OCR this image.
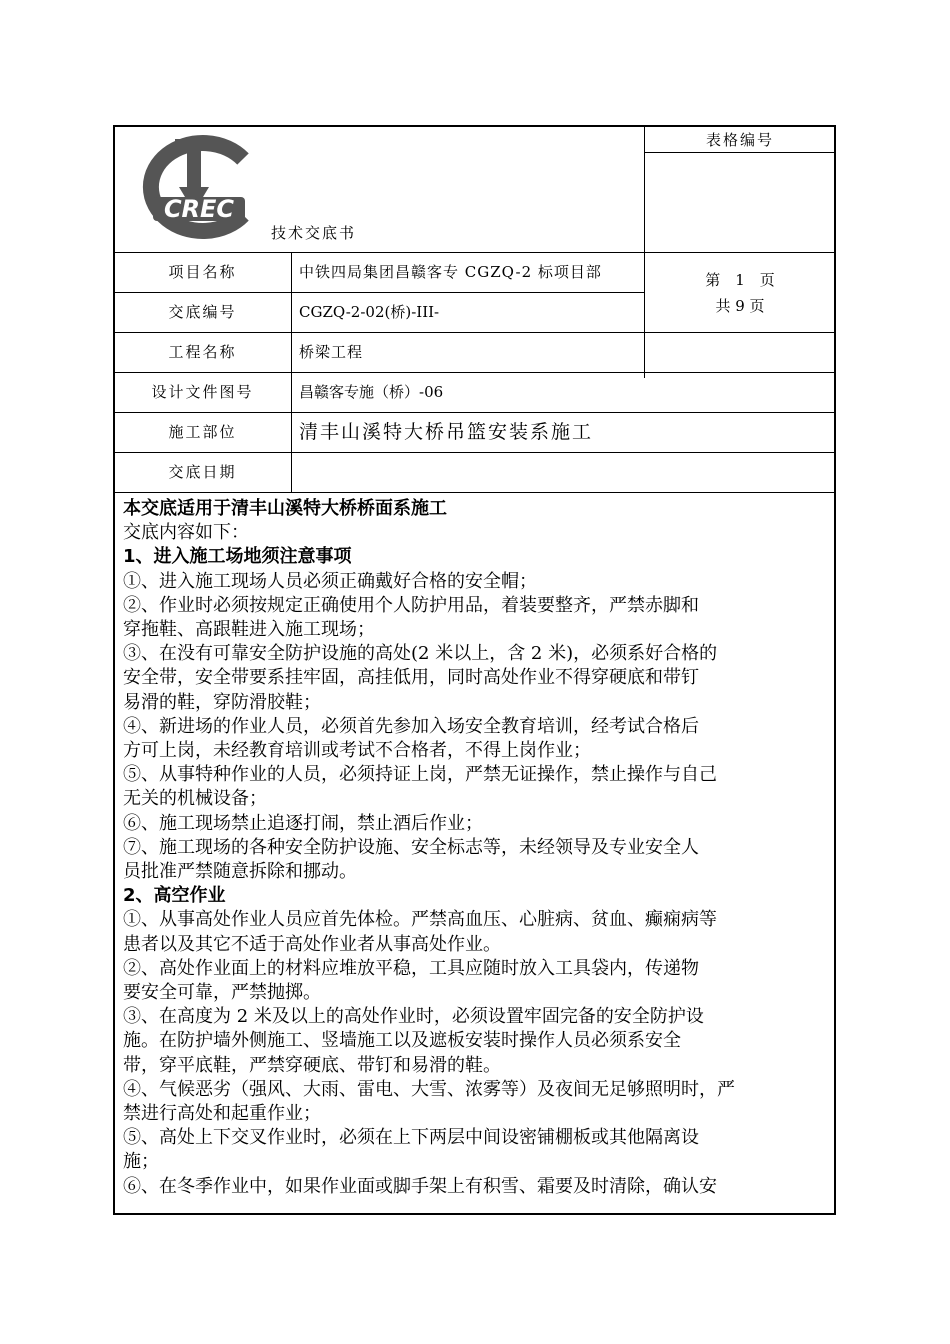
CREC
技术交底书
表格编号
第　1　页
共 9 页
项目名称	中铁四局集团昌赣客专 CGZQ-2 标项目部
交底编号	CGZQ-2-02(桥)-III-
工程名称	桥梁工程
设计文件图号	昌赣客专施（桥）-06
施工部位	清丰山溪特大桥吊篮安装系施工
交底日期

本交底适用于清丰山溪特大桥桥面系施工

交底内容如下：

1、进入施工场地须注意事项

①、进入施工现场人员必须正确戴好合格的安全帽；

②、作业时必须按规定正确使用个人防护用品，着装要整齐，严禁赤脚和

穿拖鞋、高跟鞋进入施工现场；

③、在没有可靠安全防护设施的高处(2 米以上，含 2 米)，必须系好合格的

安全带，安全带要系挂牢固，高挂低用，同时高处作业不得穿硬底和带钉

易滑的鞋，穿防滑胶鞋；

④、新进场的作业人员，必须首先参加入场安全教育培训，经考试合格后

方可上岗，未经教育培训或考试不合格者，不得上岗作业；

⑤、从事特种作业的人员，必须持证上岗，严禁无证操作，禁止操作与自己

无关的机械设备；

⑥、施工现场禁止追逐打闹，禁止酒后作业；

⑦、施工现场的各种安全防护设施、安全标志等，未经领导及专业安全人

员批准严禁随意拆除和挪动。

2、高空作业

①、从事高处作业人员应首先体检。严禁高血压、心脏病、贫血、癫痫病等

患者以及其它不适于高处作业者从事高处作业。

②、高处作业面上的材料应堆放平稳，工具应随时放入工具袋内，传递物

要安全可靠，严禁抛掷。

③、在高度为 2 米及以上的高处作业时，必须设置牢固完备的安全防护设

施。在防护墙外侧施工、竖墙施工以及遮板安装时操作人员必须系安全

带，穿平底鞋，严禁穿硬底、带钉和易滑的鞋。

④、气候恶劣（强风、大雨、雷电、大雪、浓雾等）及夜间无足够照明时，严

禁进行高处和起重作业；

⑤、高处上下交叉作业时，必须在上下两层中间设密铺棚板或其他隔离设

施；

⑥、在冬季作业中，如果作业面或脚手架上有积雪、霜要及时清除，确认安
